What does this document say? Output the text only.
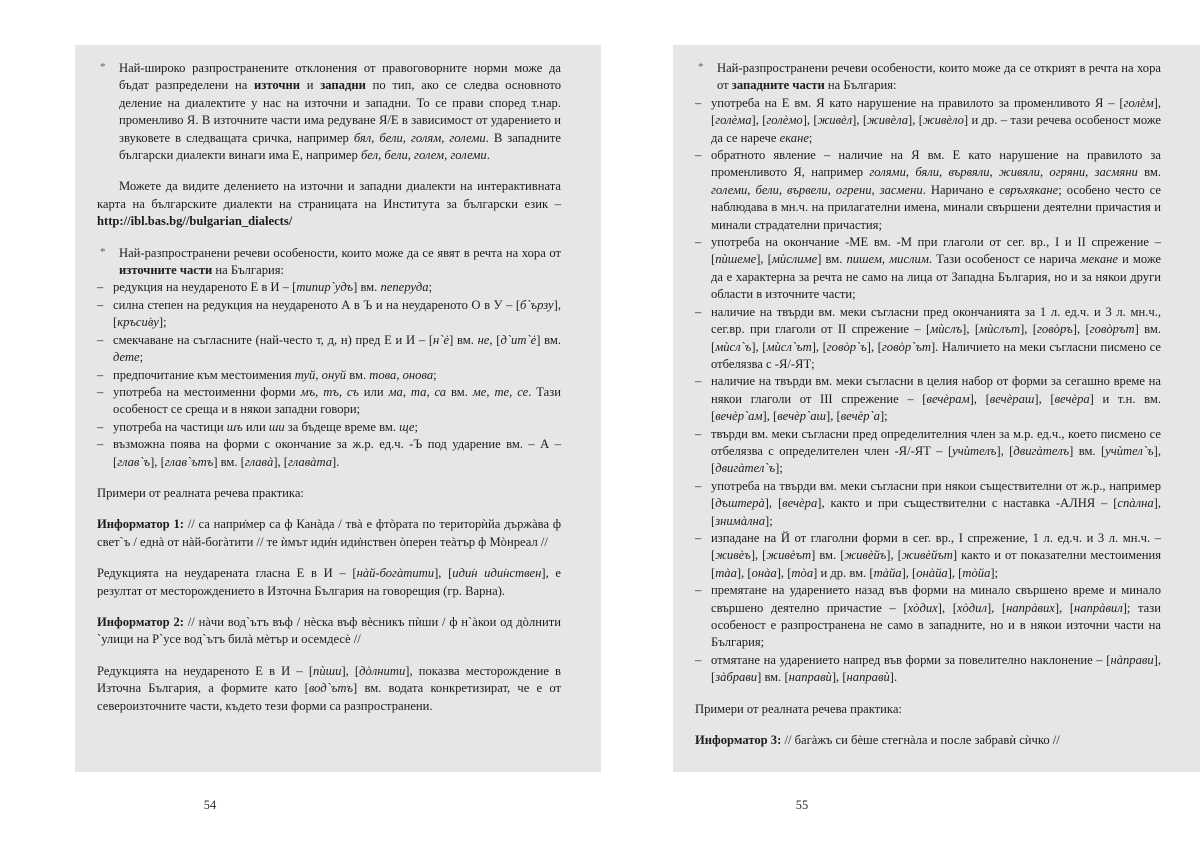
* Най-широко разпространените отклонения от правоговорните норми може да бъдат разпределени на източни и западни по тип, ако се следва основното деление на диалектите у нас на източни и западни. То се прави според т.нар. променливо Я. В източните части има редуване Я/Е в зависимост от ударението и звуковете в следващата сричка, например бял, бели, голям, големи. В западните български диалекти винаги има Е, например бел, бели, голем, големи.
Можете да видите делението на източни и западни диалекти на интерактивната карта на българските диалекти на страницата на Института за български език – http://ibl.bas.bg//bulgarian_dialects/
* Най-разпространени речеви особености, които може да се явят в речта на хора от източните части на България:
– редукция на неудареното Е в И – [типир`удъ] вм. пеперуда;
– силна степен на редукция на неудареното А в Ъ и на неудареното О в У – [б`ързу], [кръси̇ву];
– смекчаване на съгласните (най-често т, д, н) пред Е и И – [н`ė] вм. не, [д`ит`ė] вм. дете;
– предпочитание към местоимения туй, онуй вм. това, онова;
– употреба на местоименни форми мъ, тъ, съ или ма, та, са вм. ме, те, се. Тази особеност се среща и в някои западни говори;
– употреба на частици шъ или ши за бъдеще време вм. ще;
– възможна поява на форми с окончание за ж.р. ед.ч. -Ъ под ударение вм. – А – [глав`ъ], [глав`ътъ] вм. [главà], [главàта].
Примери от реалната речева практика:
Информатор 1: // са напри̇мер са ф Канàда / твà е фтòрата по територѝйа държàва ф свет`ъ / еднà от нàй-богàтити // те ѝмът иди̇н иди̇нствен òперен теàтър ф Мòнреал //
Редукцията на неударената гласна Е в И – [нàй-богàтити], [иди̇н иди̇нствен], е резултат от месторождението в Източна България на говорещия (гр. Варна).
Информатор 2: // нàчи вод`ътъ въф / нèска въф вèсникъ пѝши / ф н`àкои од дòлнити `улици на Р`усе вод`ътъ билà мèтър и осемдесè //
Редукцията на неудареното Е в И – [пѝши], [дòлнити], показва месторождение в Източна България, а формите като [вод`ътъ] вм. водата конкретизират, че е от североизточните части, където тези форми са разпространени.
* Най-разпространени речеви особености, които може да се открият в речта на хора от западните части на България:
– употреба на Е вм. Я като нарушение на правилото за променливото Я – [голèм], [голèма], [голèмо], [живèл], [живèла], [живèло] и др. – тази речева особеност може да се нарече екане;
– обратното явление – наличие на Я вм. Е като нарушение на правилото за променливото Я, например голями, бяли, вървяли, живяли, огряни, засмяни вм. големи, бели, вървели, огрени, засмени. Наричано е свръхякане; особено често се наблюдава в мн.ч. на прилагателни имена, минали свършени деятелни причастия и минали страдателни причастия;
– употреба на окончание -МЕ вм. -М при глаголи от сег. вр., I и II спрежение – [пѝшеме], [мѝслиме] вм. пишем, мислим. Тази особеност се нарича мекане и може да е характерна за речта не само на лица от Западна България, но и за някои други области в източните части;
– наличие на твърди вм. меки съгласни пред окончанията за 1 л. ед.ч. и 3 л. мн.ч., сег.вр. при глаголи от II спрежение – [мѝслъ], [мѝслът], [говòръ], [говòрът] вм. [мѝсл`ъ], [мѝсл`ът], [говòр`ъ], [говòр`ът]. Наличието на меки съгласни писмено се отбелязва с -Я/-ЯТ;
– наличие на твърди вм. меки съгласни в целия набор от форми за сегашно време на някои глаголи от III спрежение – [вечèрам], [вечèраш], [вечèра] и т.н. вм. [вечèр`ам], [вечèр`аш], [вечèр`а];
– твърди вм. меки съгласни пред определителния член за м.р. ед.ч., което писмено се отбелязва с определителен член -Я/-ЯТ – [учѝтелъ], [двигàтелъ] вм. [учѝтел`ъ], [двигàтел`ъ];
– употреба на твърди вм. меки съгласни при някои съществителни от ж.р., например [дъштерà], [вечèра], както и при съществителни с наставка -АЛНЯ – [спàлна], [знимàлна];
– изпадане на Й от глаголни форми в сег. вр., I спрежение, 1 л. ед.ч. и 3 л. мн.ч. – [живèъ], [живèът] вм. [живèйъ], [живèйът] както и от показателни местоимения [тàа], [онàа], [тòа] и др. вм. [тàйа], [онàйа], [тòйа];
– премятане на ударението назад във форми на минало свършено време и минало свършено деятелно причастие – [хòдих], [хòдил], [напрàвих], [напрàвил]; тази особеност е разпространена не само в западните, но и в някои източни части на България;
– отмятане на ударението напред във форми за повелително наклонение – [нàправи], [зàбрави] вм. [напрaвѝ], [напрaвѝ].
Примери от реалната речева практика:
Информатор 3: // багàжъ си бèше стегнàла и после забравѝ сѝчко //
54	55
